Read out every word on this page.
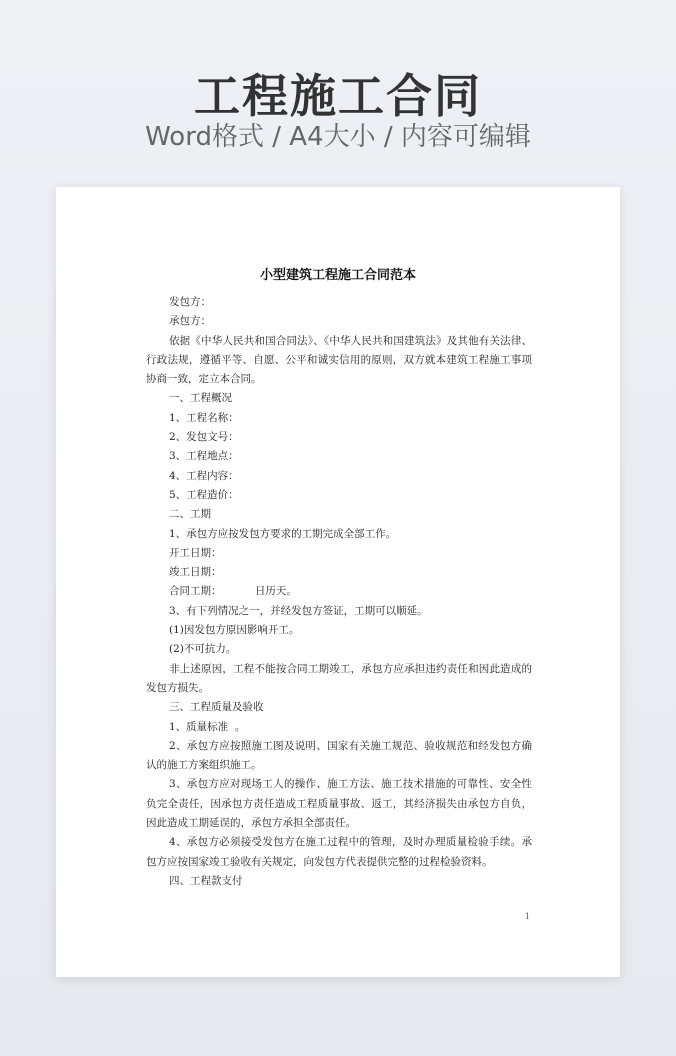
工程施工合同
Word格式 / A4大小 / 内容可编辑
小型建筑工程施工合同范本

发包方：

承包方：

依据《中华人民共和国合同法》、《中华人民共和国建筑法》及其他有关法律、行政法规，遵循平等、自愿、公平和诚实信用的原则，双方就本建筑工程施工事项协商一致，定立本合同。

一、工程概况

1、工程名称：

2、发包文号：

3、工程地点：

4、工程内容：

5、工程造价：

二、工期

1、承包方应按发包方要求的工期完成全部工作。

开工日期：

竣工日期：

合同工期：          日历天。

3、有下列情况之一，并经发包方签证，工期可以顺延。

(1)因发包方原因影响开工。

(2)不可抗力。

非上述原因，工程不能按合同工期竣工，承包方应承担违约责任和因此造成的发包方损失。

三、工程质量及验收

1、质量标准  。

2、承包方应按照施工图及说明、国家有关施工规范、验收规范和经发包方确认的施工方案组织施工。

3、承包方应对现场工人的操作、施工方法、施工技术措施的可靠性、安全性负完全责任，因承包方责任造成工程质量事故、返工，其经济损失由承包方自负，因此造成工期延误的，承包方承担全部责任。

4、承包方必须接受发包方在施工过程中的管理，及时办理质量检验手续。承包方应按国家竣工验收有关规定，向发包方代表提供完整的过程检验资料。

四、工程款支付

1
